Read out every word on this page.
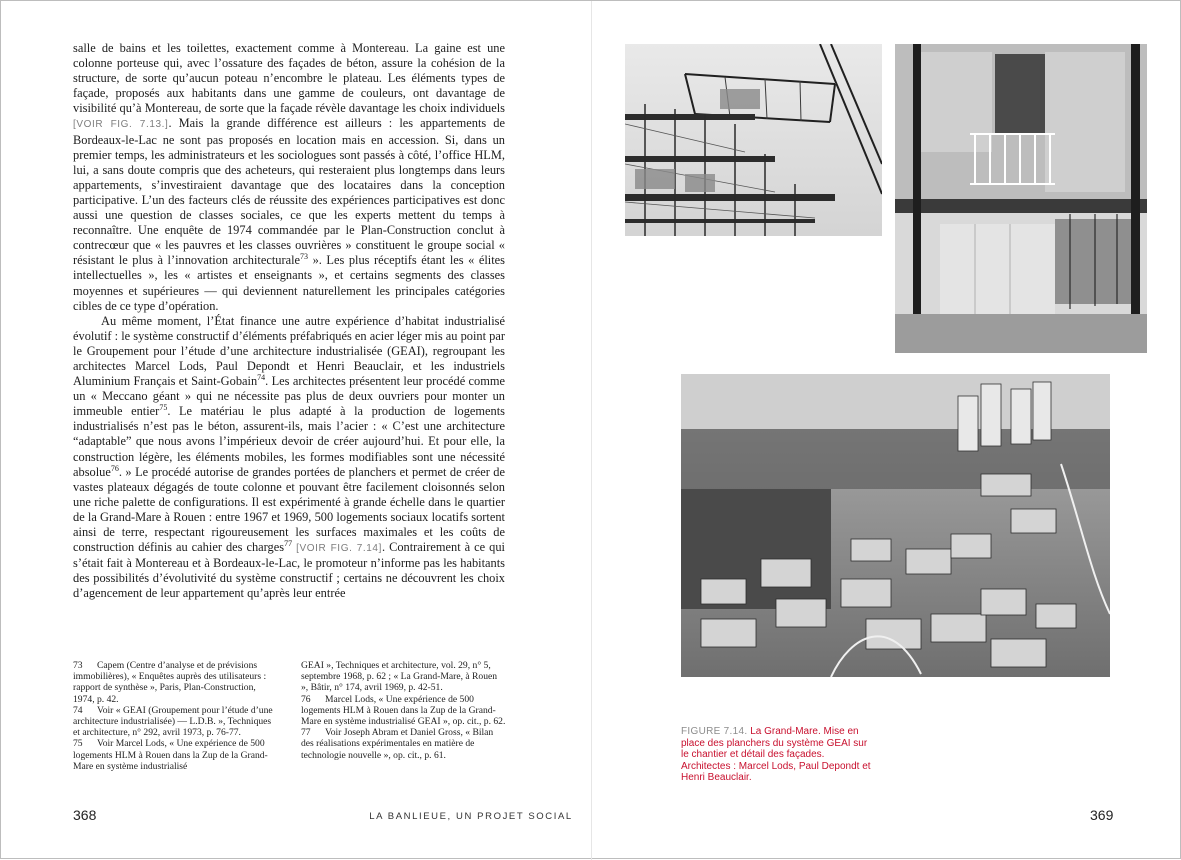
salle de bains et les toilettes, exactement comme à Montereau. La gaine est une colonne porteuse qui, avec l’ossature des façades de béton, assure la cohésion de la structure, de sorte qu’aucun poteau n’encombre le plateau. Les éléments types de façade, proposés aux habitants dans une gamme de couleurs, ont davantage de visibilité qu’à Montereau, de sorte que la façade révèle davantage les choix individuels [VOIR FIG. 7.13.]. Mais la grande différence est ailleurs : les appartements de Bordeaux-le-Lac ne sont pas proposés en location mais en accession. Si, dans un premier temps, les administrateurs et les sociologues sont passés à côté, l’office HLM, lui, a sans doute compris que des acheteurs, qui resteraient plus longtemps dans leurs appartements, s’investiraient davantage que des locataires dans la conception participative. L’un des facteurs clés de réussite des expériences participatives est donc aussi une question de classes sociales, ce que les experts mettent du temps à reconnaître. Une enquête de 1974 commandée par le Plan-Construction conclut à contrecœur que « les pauvres et les classes ouvrières » constituent le groupe social « résistant le plus à l’innovation architecturale$^{73}$ ». Les plus réceptifs étant les « élites intellectuelles », les « artistes et enseignants », et certains segments des classes moyennes et supérieures — qui deviennent naturellement les principales catégories cibles de ce type d’opération.

Au même moment, l’État finance une autre expérience d’habitat industrialisé évolutif : le système constructif d’éléments préfabriqués en acier léger mis au point par le Groupement pour l’étude d’une architecture industrialisée (GEAI), regroupant les architectes Marcel Lods, Paul Depondt et Henri Beauclair, et les industriels Aluminium Français et Saint-Gobain$^{74}$. Les architectes présentent leur procédé comme un « Meccano géant » qui ne nécessite pas plus de deux ouvriers pour monter un immeuble entier$^{75}$. Le matériau le plus adapté à la production de logements industrialisés n’est pas le béton, assurent-ils, mais l’acier : « C’est une architecture “adaptable” que nous avons l’impérieux devoir de créer aujourd’hui. Et pour elle, la construction légère, les éléments mobiles, les formes modifiables sont une nécessité absolue$^{76}$. » Le procédé autorise de grandes portées de planchers et permet de créer de vastes plateaux dégagés de toute colonne et pouvant être facilement cloisonnés selon une riche palette de configurations. Il est expérimenté à grande échelle dans le quartier de la Grand-Mare à Rouen : entre 1967 et 1969, 500 logements sociaux locatifs sortent ainsi de terre, respectant rigoureusement les surfaces maximales et les coûts de construction définis au cahier des charges$^{77}$ [VOIR FIG. 7.14]. Contrairement à ce qui s’était fait à Montereau et à Bordeaux-le-Lac, le promoteur n’informe pas les habitants des possibilités d’évolutivité du système constructif ; certains ne découvrent les choix d’agencement de leur appartement qu’après leur entrée

73 Capem (Centre d’analyse et de prévisions immobilières), « Enquêtes auprès des utilisateurs : rapport de synthèse », Paris, Plan-Construction, 1974, p. 42.

74 Voir « GEAI (Groupement pour l’étude d’une architecture industrialisée) — L.D.B. », Techniques et architecture, n° 292, avril 1973, p. 76-77.

75 Voir Marcel Lods, « Une expérience de 500 logements HLM à Rouen dans la Zup de la Grand-Mare en système industrialisé

GEAI », Techniques et architecture, vol. 29, n° 5, septembre 1968, p. 62 ; « La Grand-Mare, à Rouen », Bâtir, n° 174, avril 1969, p. 42-51.

76 Marcel Lods, « Une expérience de 500 logements HLM à Rouen dans la Zup de la Grand-Mare en système industrialisé GEAI », op. cit., p. 62.

77 Voir Joseph Abram et Daniel Gross, « Bilan des réalisations expérimentales en matière de technologie nouvelle », op. cit., p. 61.

368	LA BANLIEUE, UN PROJET SOCIAL
FIGURE 7.14. La Grand-Mare. Mise en place des planchers du système GEAI sur le chantier et détail des façades. Architectes : Marcel Lods, Paul Depondt et Henri Beauclair.
369
